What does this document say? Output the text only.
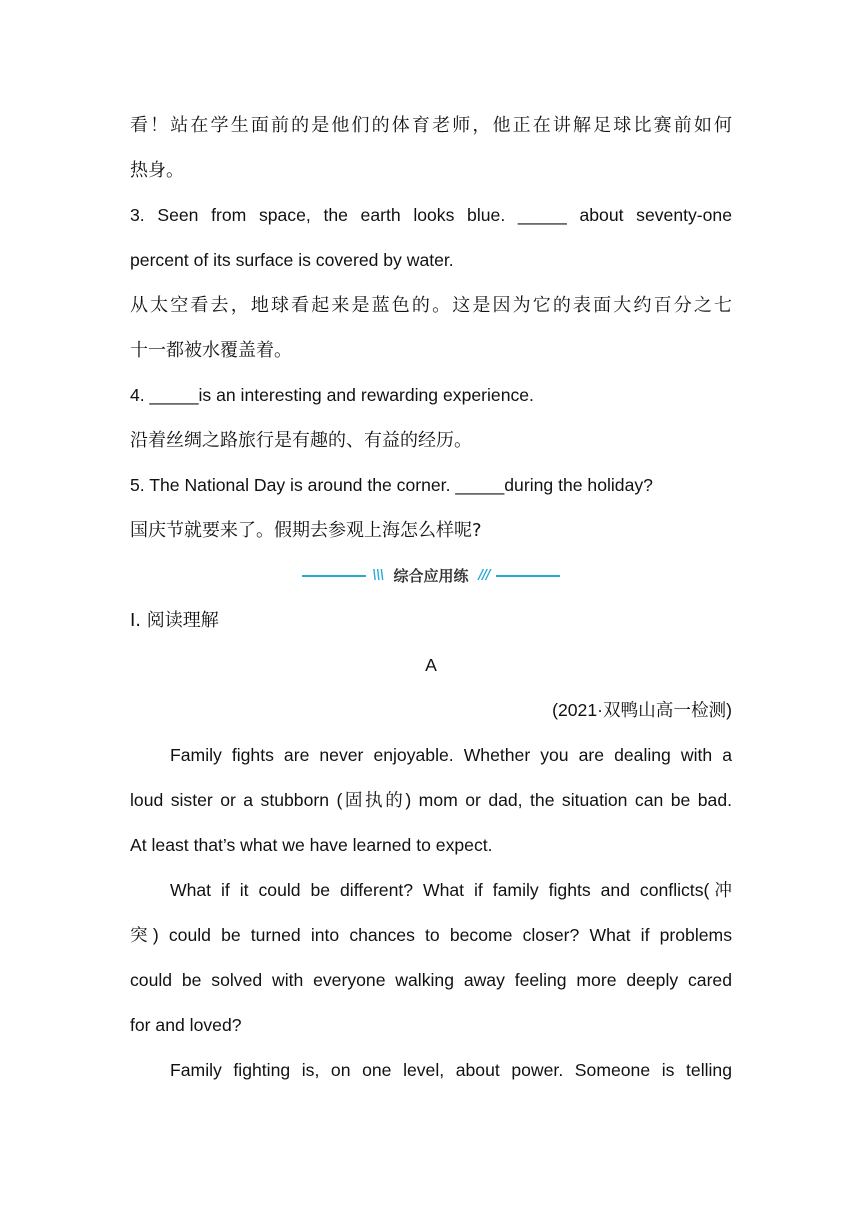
看！站在学生面前的是他们的体育老师，他正在讲解足球比赛前如何
热身。
3. Seen from space, the earth looks blue. _____ about seventy-one
percent of its surface is covered by water.
从太空看去，地球看起来是蓝色的。这是因为它的表面大约百分之七
十一都被水覆盖着。
4. _____is an interesting and rewarding experience.
沿着丝绸之路旅行是有趣的、有益的经历。
5. The National Day is around the corner. _____during the holiday?
国庆节就要来了。假期去参观上海怎么样呢?
\\\ 综合应用练 ///
Ⅰ. 阅读理解
A
(2021·双鸭山高一检测)
Family fights are never enjoyable. Whether you are dealing with a
loud sister or a stubborn (固执的) mom or dad, the situation can be bad.
At least that’s what we have learned to expect.
What if it could be different? What if family fights and conflicts(冲
突) could be turned into chances to become closer? What if problems
could be solved with everyone walking away feeling more deeply cared
for and loved?
Family fighting is, on one level, about power. Someone is telling
